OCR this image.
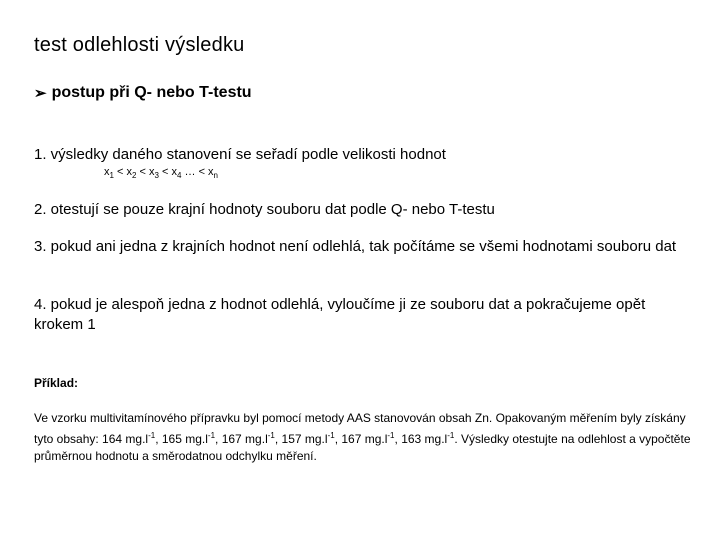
test odlehlosti výsledku
➢ postup při Q- nebo T-testu

1. výsledky daného stanovení se seřadí podle velikosti hodnot

$x_1 < x_2 < x_3 < x_4$ … < $x_n$

2. otestují se pouze krajní hodnoty souboru dat podle Q- nebo T-testu

3. pokud ani jedna z krajních hodnot není odlehlá, tak počítáme se všemi hodnotami souboru dat

4. pokud je alespoň jedna z hodnot odlehlá, vyloučíme ji ze souboru dat a pokračujeme opět krokem 1

Příklad:
Ve vzorku multivitamínového přípravku byl pomocí metody AAS stanovován obsah Zn. Opakovaným měřením byly získány tyto obsahy: 164 $mg.l^{-1}$, 165 $mg.l^{-1}$, 167 $mg.l^{-1}$, 157 $mg.l^{-1}$, 167 $mg.l^{-1}$, 163 $mg.l^{-1}$. Výsledky otestujte na odlehlost a vypočtěte průměrnou hodnotu a směrodatnou odchylku měření.
